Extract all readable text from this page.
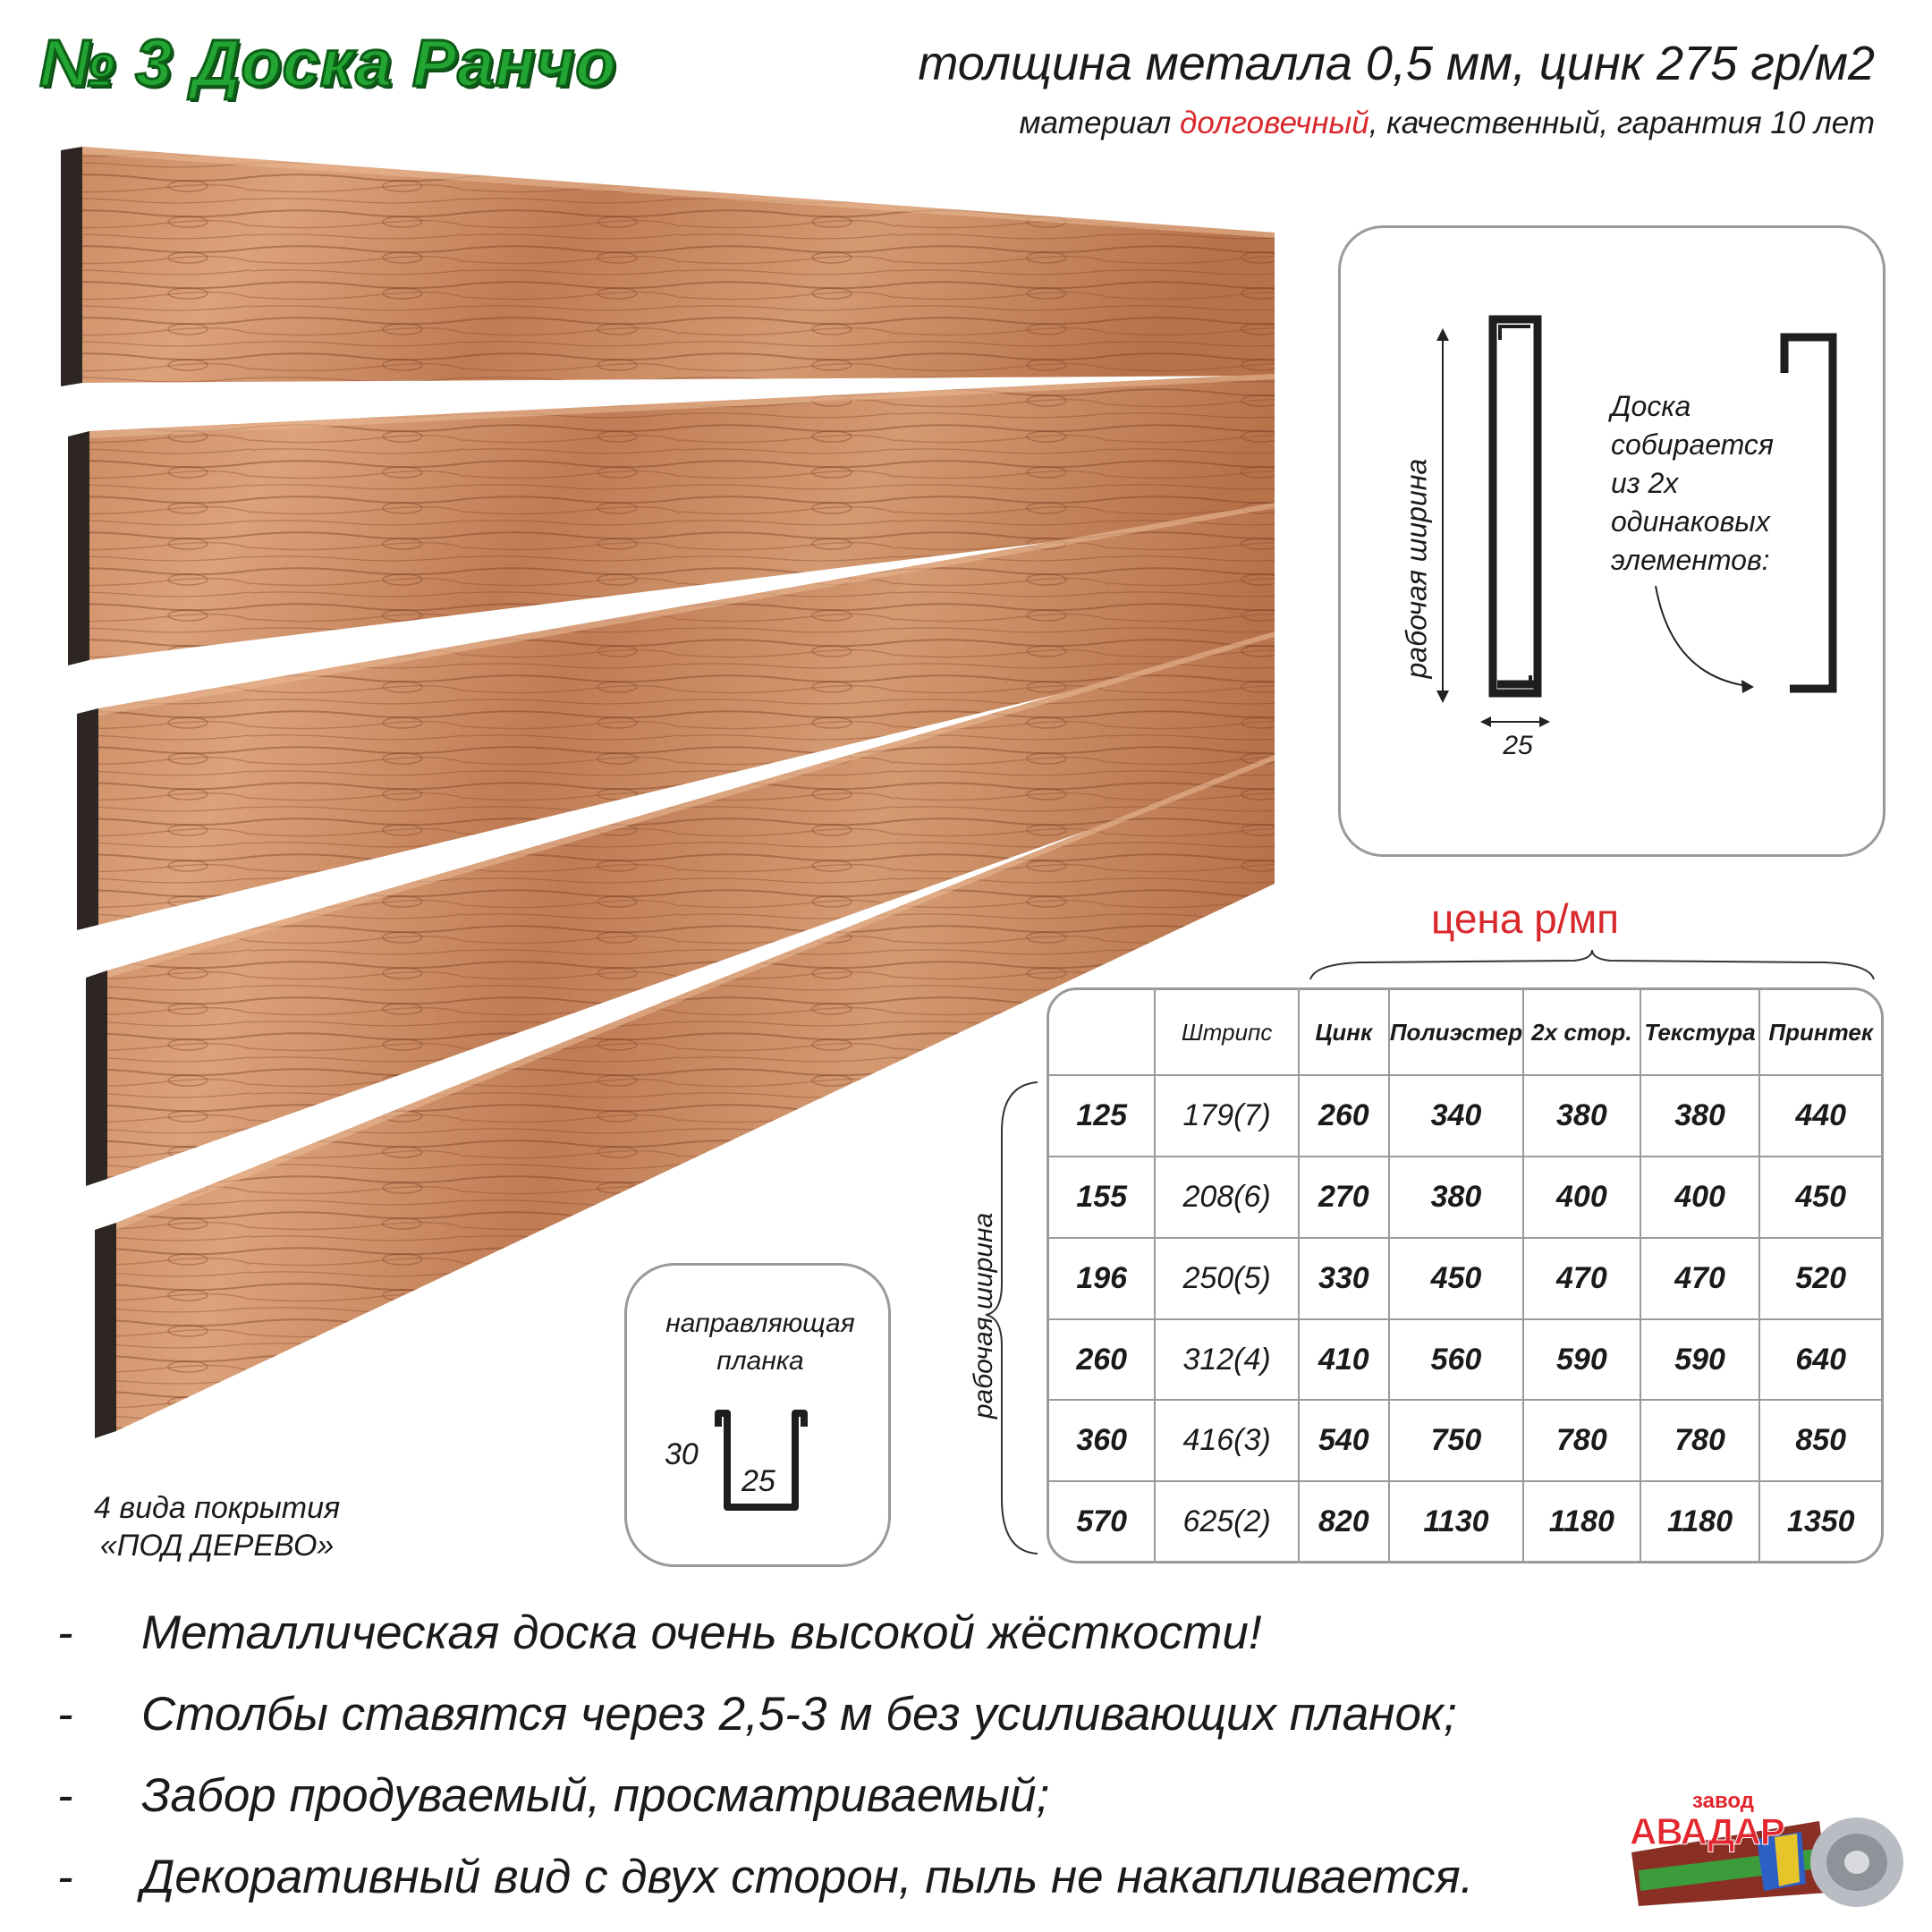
№ 3 Доска Ранчо	толщина металла 0,5 мм, цинк 275 гр/м2
материал долговечный, качественный, гарантия 10 лет
рабочая ширина
25
Доска
собирается
из 2х
одинаковых
элементов:
направляющая
планка
30
25
4 вида покрытия
«ПОД ДЕРЕВО»
цена р/мп
рабочая ширина
	Штрипс	Цинк	Полиэстер	2х стор.	Текстура	Принтек
125	179(7)	260	340	380	380	440
155	208(6)	270	380	400	400	450
196	250(5)	330	450	470	470	520
260	312(4)	410	560	590	590	640
360	416(3)	540	750	780	780	850
570	625(2)	820	1130	1180	1180	1350
- Металлическая доска очень высокой жёсткости!
- Столбы ставятся через 2,5-3 м без усиливающих планок;
- Забор продуваемый, просматриваемый;
- Декоративный вид с двух сторон, пыль не накапливается.
завод
АВАДАР
